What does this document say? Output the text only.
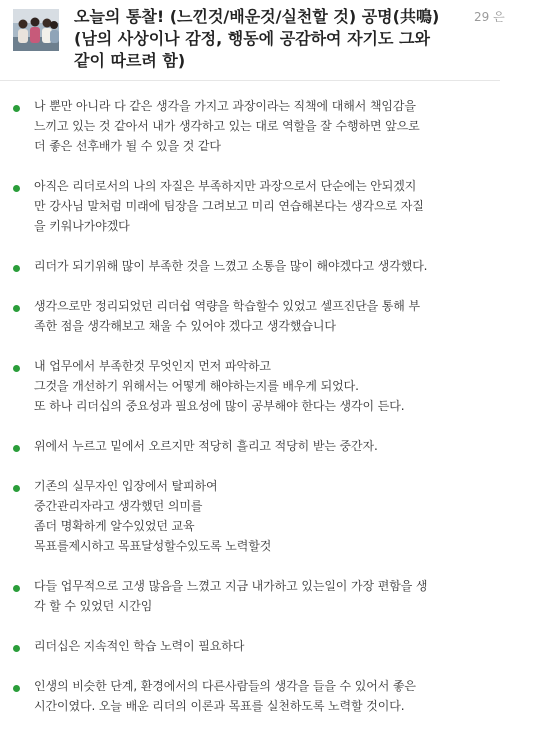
오늘의 통찰! (느낀것/배운것/실천할 것) 공명(共鳴) (남의 사상이나 감정, 행동에 공감하여 자기도 그와 같이 따르려 함)
29 은
나 뿐만 아니라 다 같은 생각을 가지고 과장이라는 직책에 대해서 책임감을
느끼고 있는 것 같아서 내가 생각하고 있는 대로 역할을 잘 수행하면 앞으로
더 좋은 선후배가 될 수 있을 것 같다
아직은 리더로서의 나의 자질은 부족하지만 과장으로서 단순에는 안되겠지
만 강사님 말처럼 미래에 팀장을 그려보고 미리 연습해본다는 생각으로 자질
을 키워나가야겠다
리더가 되기위해 많이 부족한 것을 느꼈고 소통을 많이 해야겠다고 생각했다.
생각으로만 정리되었던 리더쉽 역량을 학습할수 있었고 셀프진단을 통해 부
족한 점을 생각해보고 채울 수 있어야 겠다고 생각했습니다
내 업무에서 부족한것 무엇인지 먼저 파악하고
그것을 개선하기 위해서는 어떻게 해야하는지를 배우게 되었다.
또 하나 리더십의 중요성과 필요성에 많이 공부해야 한다는 생각이 든다.
위에서 누르고 밑에서 오르지만 적당히 흘리고 적당히 받는 중간자.
기존의 실무자인 입장에서 탈피하여
중간관리자라고 생각했던 의미를
좀더 명확하게 알수있었던 교육
목표를제시하고 목표달성할수있도록 노력할것
다들 업무적으로 고생 많음을 느꼈고 지금 내가하고 있는일이 가장 편함을 생
각 할 수 있었던 시간임
리더십은 지속적인 학습 노력이 필요하다
인생의 비슷한 단계, 환경에서의 다른사람들의 생각을 들을 수 있어서 좋은
시간이였다. 오늘 배운 리더의 이론과 목표를 실천하도록 노력할 것이다.
